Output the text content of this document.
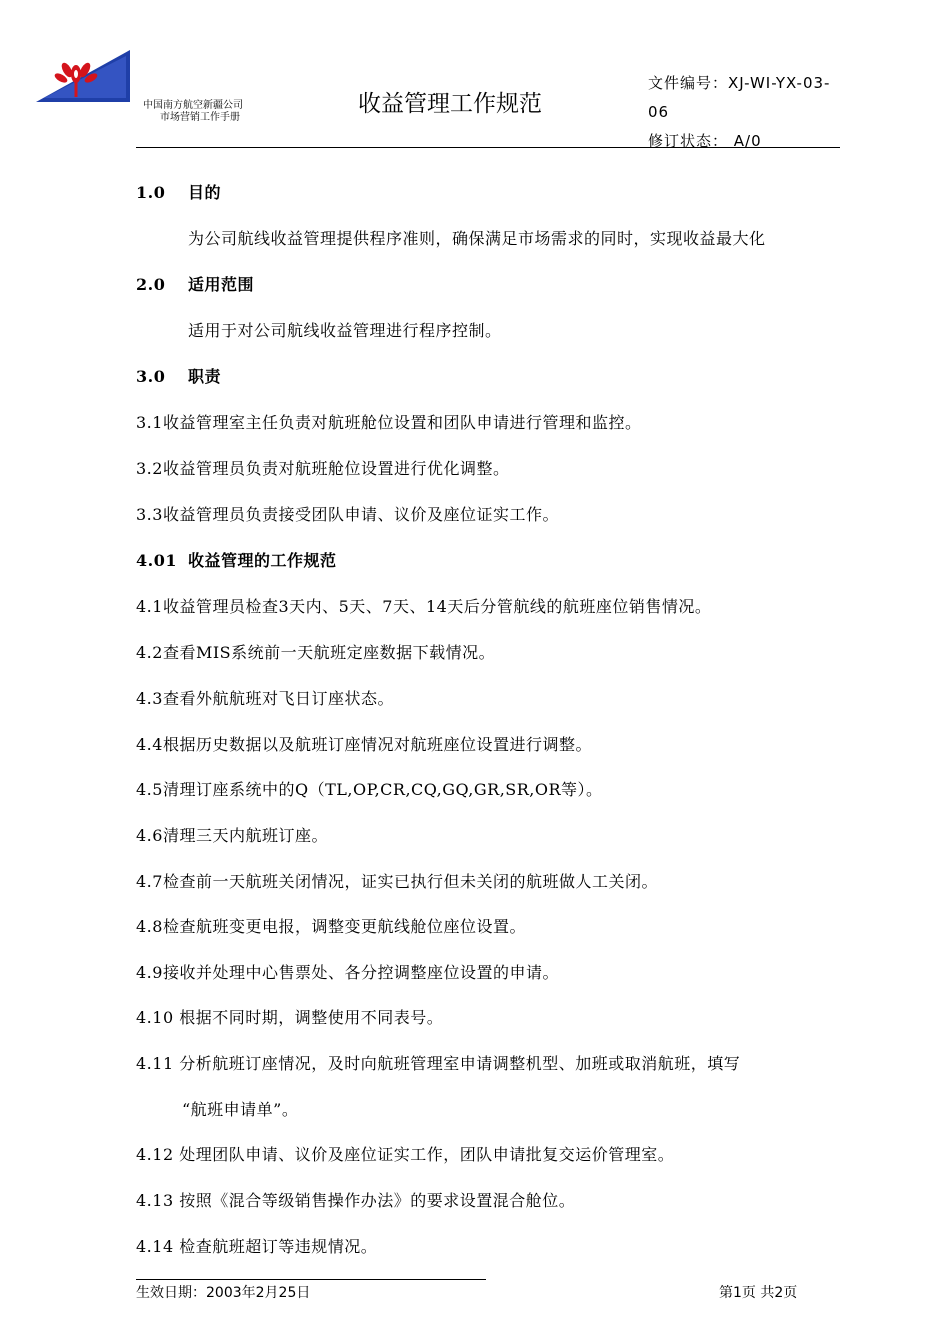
中国南方航空新疆公司
市场营销工作手册
收益管理工作规范
文件编号：XJ-WI-YX-03-
06
修订状态： A/0
1.0 目的
为公司航线收益管理提供程序准则，确保满足市场需求的同时，实现收益最大化
2.0 适用范围
适用于对公司航线收益管理进行程序控制。
3.0 职责
3.1收益管理室主任负责对航班舱位设置和团队申请进行管理和监控。
3.2收益管理员负责对航班舱位设置进行优化调整。
3.3收益管理员负责接受团队申请、议价及座位证实工作。
4.01 收益管理的工作规范
4.1收益管理员检查3天内、5天、7天、14天后分管航线的航班座位销售情况。
4.2查看MIS系统前一天航班定座数据下载情况。
4.3查看外航航班对飞日订座状态。
4.4根据历史数据以及航班订座情况对航班座位设置进行调整。
4.5清理订座系统中的Q（TL,OP,CR,CQ,GQ,GR,SR,OR等）。
4.6清理三天内航班订座。
4.7检查前一天航班关闭情况，证实已执行但未关闭的航班做人工关闭。
4.8检查航班变更电报，调整变更航线舱位座位设置。
4.9接收并处理中心售票处、各分控调整座位设置的申请。
4.10 根据不同时期，调整使用不同表号。
4.11 分析航班订座情况，及时向航班管理室申请调整机型、加班或取消航班，填写
“航班申请单”。
4.12 处理团队申请、议价及座位证实工作，团队申请批复交运价管理室。
4.13 按照《混合等级销售操作办法》的要求设置混合舱位。
4.14 检查航班超订等违规情况。
生效日期：2003年2月25日	第1页 共2页
